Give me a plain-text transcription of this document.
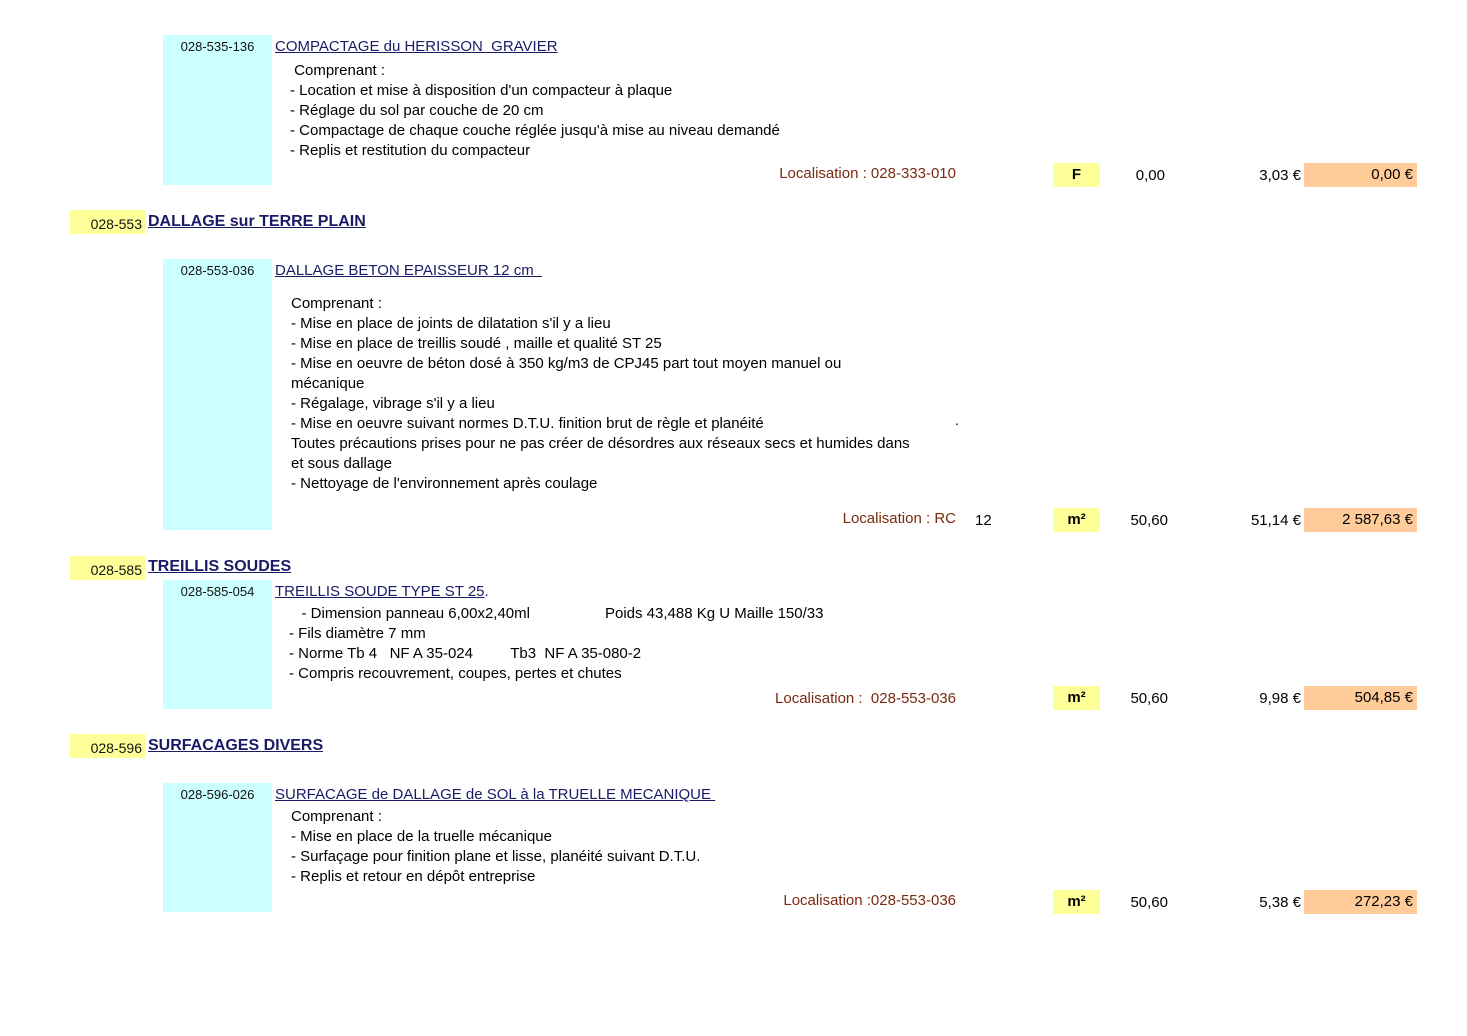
028-535-136	COMPACTAGE du HERISSON  GRAVIER
Comprenant :
- Location et mise à disposition d'un compacteur à plaque
- Réglage du sol par couche de 20 cm
- Compactage de chaque couche réglée jusqu'à mise au niveau demandé
- Replis et restitution du compacteur
Localisation : 028-333-010	F	0,00	3,03 €	0,00 €
028-553 DALLAGE sur TERRE PLAIN
028-553-036	DALLAGE BETON EPAISSEUR 12 cm
Comprenant :
- Mise en place de joints de dilatation s'il y a lieu
- Mise en place de treillis soudé , maille et qualité ST 25
- Mise en oeuvre de béton dosé à 350 kg/m3 de CPJ45 part tout moyen manuel ou
mécanique
- Régalage, vibrage s'il y a lieu
- Mise en oeuvre suivant normes D.T.U. finition brut de règle et planéité
Toutes précautions prises pour ne pas créer de désordres aux réseaux secs et humides dans
et sous dallage
- Nettoyage de l'environnement après coulage
.
Localisation : RC 12	m²	50,60	51,14 €	2 587,63 €
028-585 TREILLIS SOUDES
028-585-054	TREILLIS SOUDE TYPE ST 25.
- Dimension panneau 6,00x2,40ml                  Poids 43,488 Kg U Maille 150/33
- Fils diamètre 7 mm
- Norme Tb 4   NF A 35-024         Tb3  NF A 35-080-2
- Compris recouvrement, coupes, pertes et chutes
Localisation :  028-553-036	m²	50,60	9,98 €	504,85 €
028-596 SURFACAGES DIVERS
028-596-026	SURFACAGE de DALLAGE de SOL à la TRUELLE MECANIQUE
Comprenant :
- Mise en place de la truelle mécanique
- Surfaçage pour finition plane et lisse, planéité suivant D.T.U.
- Replis et retour en dépôt entreprise
Localisation :028-553-036	m²	50,60	5,38 €	272,23 €
